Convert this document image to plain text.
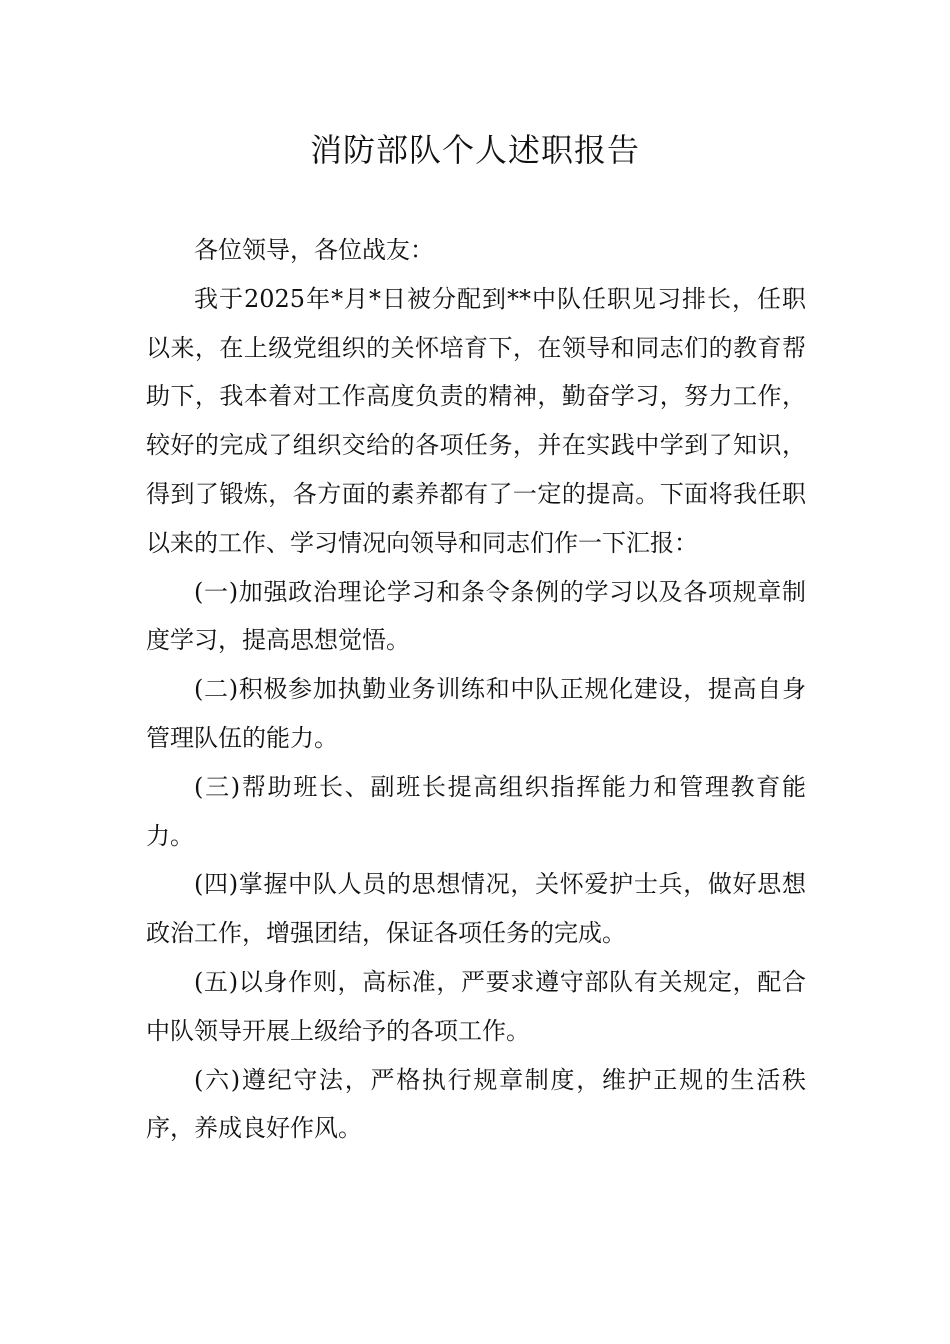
消防部队个人述职报告

各位领导，各位战友：

我于2025年*月*日被分配到**中队任职见习排长，任职以来，在上级党组织的关怀培育下，在领导和同志们的教育帮助下，我本着对工作高度负责的精神，勤奋学习，努力工作，较好的完成了组织交给的各项任务，并在实践中学到了知识，得到了锻炼，各方面的素养都有了一定的提高。下面将我任职以来的工作、学习情况向领导和同志们作一下汇报：

(一)加强政治理论学习和条令条例的学习以及各项规章制度学习，提高思想觉悟。

(二)积极参加执勤业务训练和中队正规化建设，提高自身管理队伍的能力。

(三)帮助班长、副班长提高组织指挥能力和管理教育能力。

(四)掌握中队人员的思想情况，关怀爱护士兵，做好思想政治工作，增强团结，保证各项任务的完成。

(五)以身作则，高标准，严要求遵守部队有关规定，配合中队领导开展上级给予的各项工作。

(六)遵纪守法，严格执行规章制度，维护正规的生活秩序，养成良好作风。
